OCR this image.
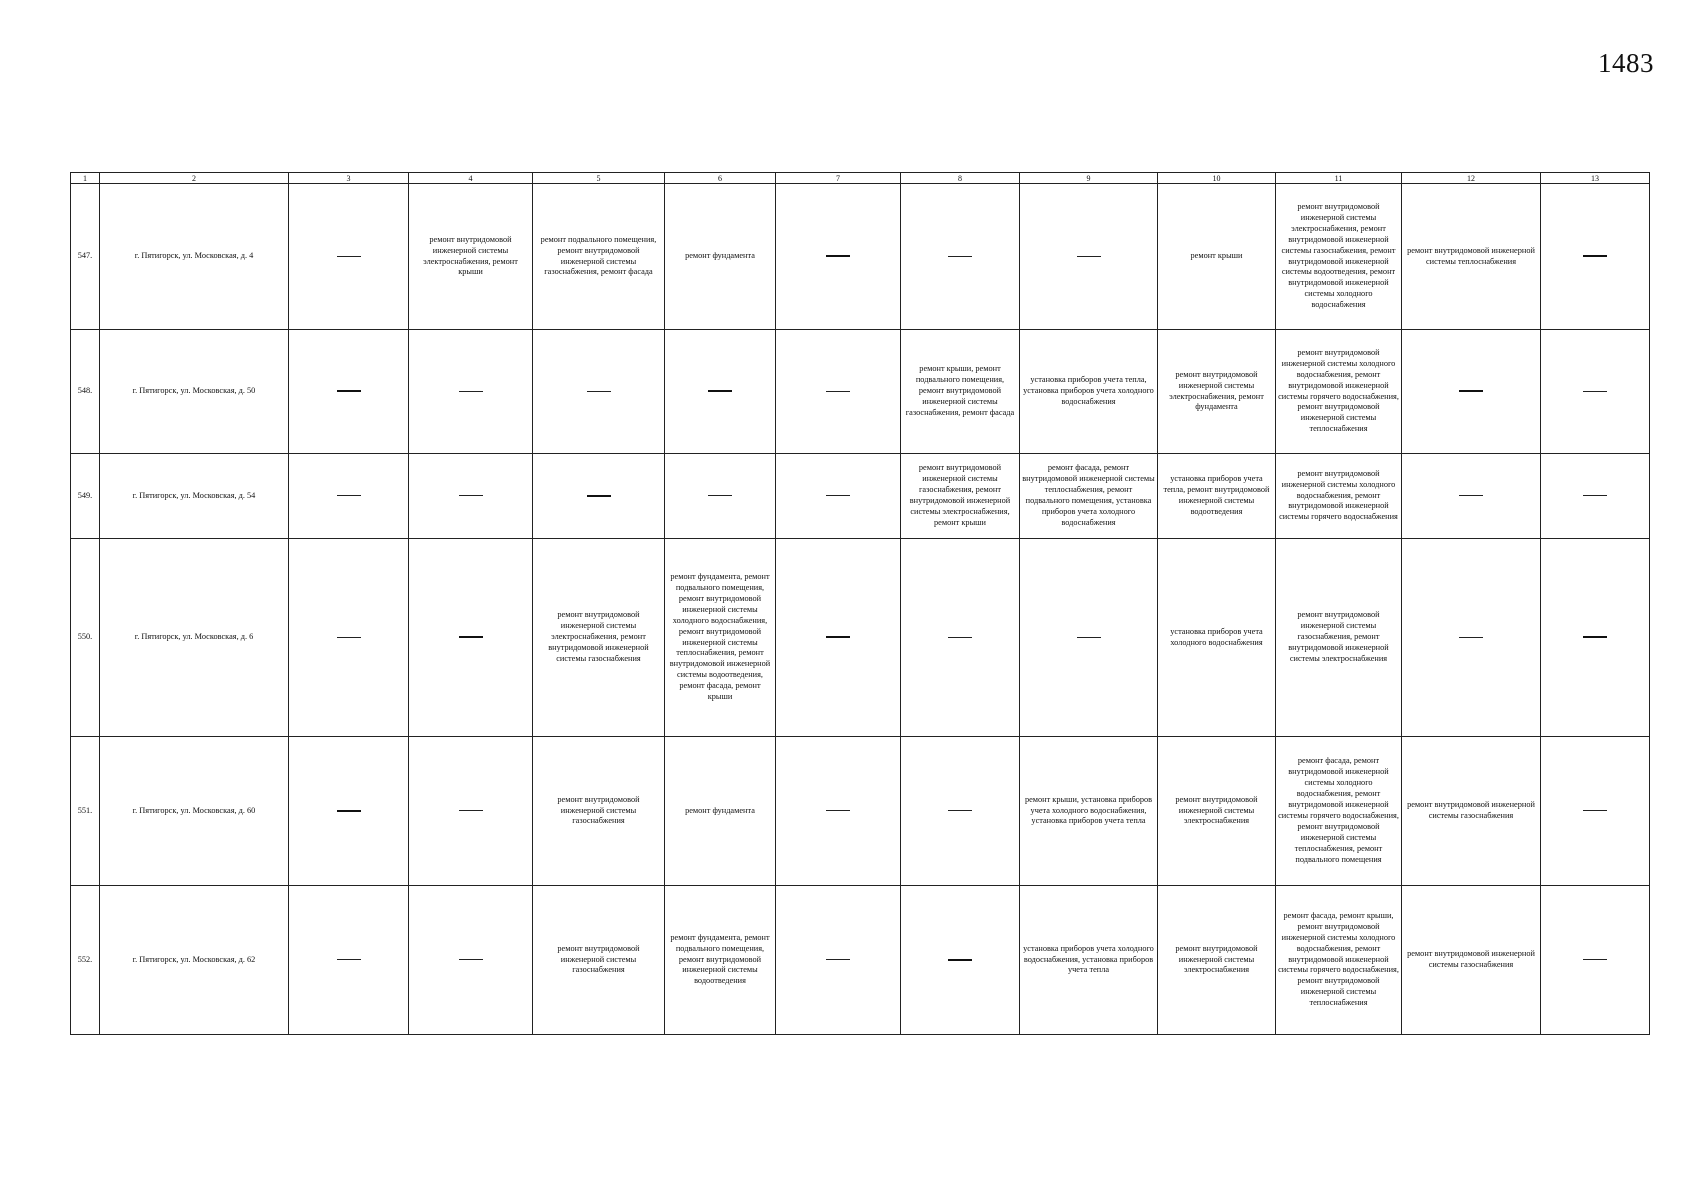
1483
1	2	3	4	5	6	7	8	9	10	11	12	13
547.	г. Пятигорск, ул. Московская, д. 4		ремонт внутридомовой инженерной системы электроснабжения, ремонт крыши	ремонт подвального помещения, ремонт внутридомовой инженерной системы газоснабжения, ремонт фасада	ремонт фундамента				ремонт крыши	ремонт внутридомовой инженерной системы электроснабжения, ремонт внутридомовой инженерной системы газоснабжения, ремонт внутридомовой инженерной системы водоотведения, ремонт внутридомовой инженерной системы холодного водоснабжения	ремонт внутридомовой инженерной системы теплоснабжения	
548.	г. Пятигорск, ул. Московская, д. 50						ремонт крыши, ремонт подвального помещения, ремонт внутридомовой инженерной системы газоснабжения, ремонт фасада	установка приборов учета тепла, установка приборов учета холодного водоснабжения	ремонт внутридомовой инженерной системы электроснабжения, ремонт фундамента	ремонт внутридомовой инженерной системы холодного водоснабжения, ремонт внутридомовой инженерной системы горячего водоснабжения, ремонт внутридомовой инженерной системы теплоснабжения		
549.	г. Пятигорск, ул. Московская, д. 54						ремонт внутридомовой инженерной системы газоснабжения, ремонт внутридомовой инженерной системы электроснабжения, ремонт крыши	ремонт фасада, ремонт внутридомовой инженерной системы теплоснабжения, ремонт подвального помещения, установка приборов учета холодного водоснабжения	установка приборов учета тепла, ремонт внутридомовой инженерной системы водоотведения	ремонт внутридомовой инженерной системы холодного водоснабжения, ремонт внутридомовой инженерной системы горячего водоснабжения		
550.	г. Пятигорск, ул. Московская, д. 6			ремонт внутридомовой инженерной системы электроснабжения, ремонт внутридомовой инженерной системы газоснабжения	ремонт фундамента, ремонт подвального помещения, ремонт внутридомовой инженерной системы холодного водоснабжения, ремонт внутридомовой инженерной системы теплоснабжения, ремонт внутридомовой инженерной системы водоотведения, ремонт фасада, ремонт крыши				установка приборов учета холодного водоснабжения	ремонт внутридомовой инженерной системы газоснабжения, ремонт внутридомовой инженерной системы электроснабжения		
551.	г. Пятигорск, ул. Московская, д. 60			ремонт внутридомовой инженерной системы газоснабжения	ремонт фундамента			ремонт крыши, установка приборов учета холодного водоснабжения, установка приборов учета тепла	ремонт внутридомовой инженерной системы электроснабжения	ремонт фасада, ремонт внутридомовой инженерной системы холодного водоснабжения, ремонт внутридомовой инженерной системы горячего водоснабжения, ремонт внутридомовой инженерной системы теплоснабжения, ремонт подвального помещения	ремонт внутридомовой инженерной системы газоснабжения	
552.	г. Пятигорск, ул. Московская, д. 62			ремонт внутридомовой инженерной системы газоснабжения	ремонт фундамента, ремонт подвального помещения, ремонт внутридомовой инженерной системы водоотведения			установка приборов учета холодного водоснабжения, установка приборов учета тепла	ремонт внутридомовой инженерной системы электроснабжения	ремонт фасада, ремонт крыши, ремонт внутридомовой инженерной системы холодного водоснабжения, ремонт внутридомовой инженерной системы горячего водоснабжения, ремонт внутридомовой инженерной системы теплоснабжения	ремонт внутридомовой инженерной системы газоснабжения	
